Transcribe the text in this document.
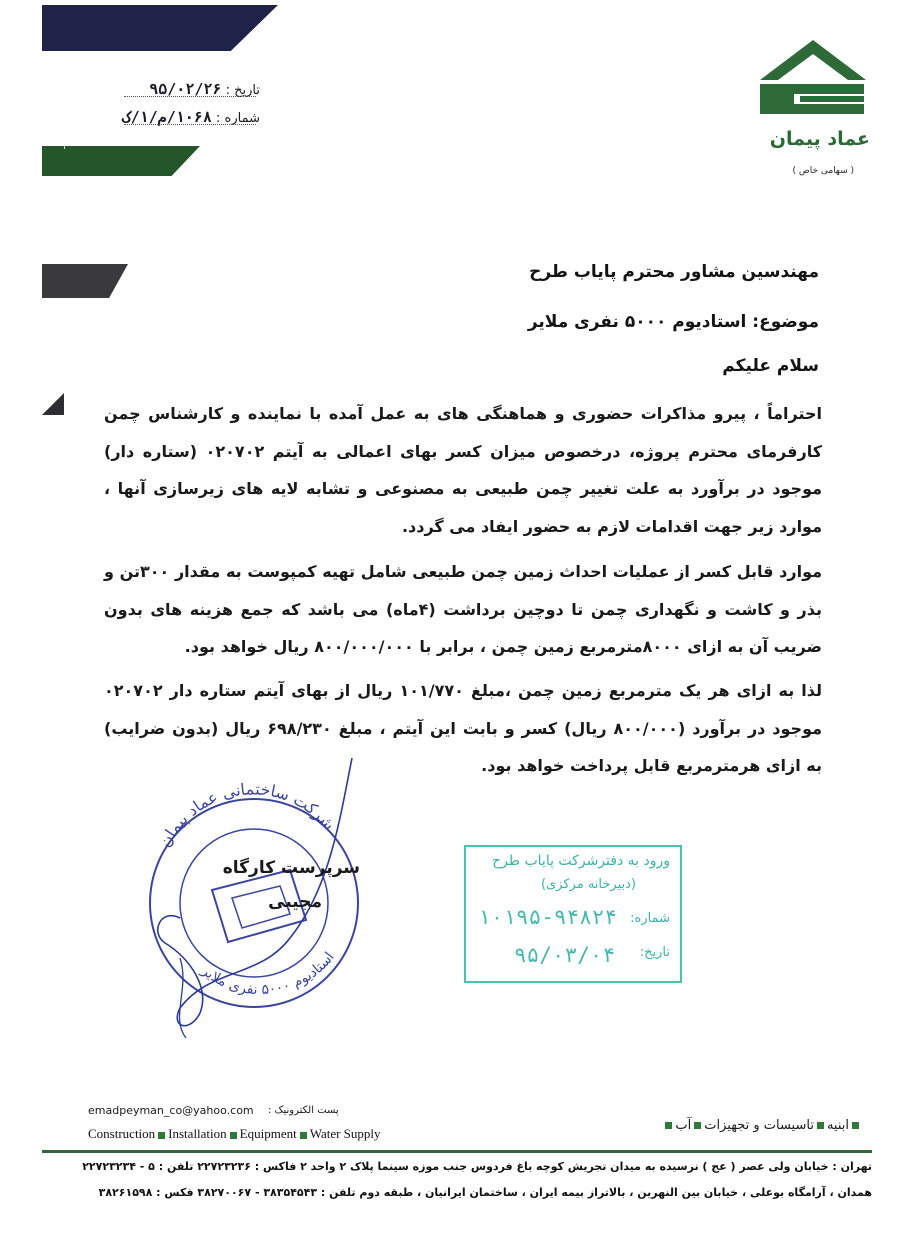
۱
تاریخ : ۹۵/۰۲/۲۶
شماره : ۱۰۶۸/م/۱/ک
عماد پیمان
( سهامی خاص )
مهندسین مشاور محترم پایاب طرح
موضوع: استادیوم ۵۰۰۰ نفری ملایر
سلام علیکم
احتراماً ، پیرو مذاکرات حضوری و هماهنگی های به عمل آمده با نماینده و کارشناس چمن کارفرمای محترم پروژه، درخصوص میزان کسر بهای اعمالی به آیتم ۰۲۰۷۰۲ (ستاره دار) موجود در برآورد به علت تغییر چمن طبیعی به مصنوعی و تشابه لایه های زیرسازی آنها ، موارد زیر جهت اقدامات لازم به حضور ایفاد می گردد.
موارد قابل کسر از عملیات احداث زمین چمن طبیعی شامل تهیه کمپوست به مقدار ۳۰۰تن و بذر و کاشت و نگهداری چمن تا دوچین برداشت (۴ماه) می باشد که جمع هزینه های بدون ضریب آن به ازای ۸۰۰۰مترمربع زمین چمن ، برابر با ۸۰۰/۰۰۰/۰۰۰ ریال خواهد بود.
لذا به ازای هر یک مترمربع زمین چمن ،مبلغ ۱۰۱/۷۷۰ ریال از بهای آیتم ستاره دار ۰۲۰۷۰۲ موجود در برآورد (۸۰۰/۰۰۰ ریال) کسر و بابت این آیتم ، مبلغ ۶۹۸/۲۳۰ ریال (بدون ضرایب) به ازای هرمترمربع قابل پرداخت خواهد بود.
شرکت ساختمانی عماد پیمان
استادیوم ۵۰۰۰ نفری ملایر
سرپرست کارگاه
مجیبی
ورود به دفترشرکت پایاب طرح
(دبیرخانه مرکزی)
شماره:
۱۰۱۹۵-۹۴۸۲۴
تاریخ:
۹۵/۰۳/۰۴
emadpeyman_co@yahoo.com پست الکترونیک :
Construction Installation Equipment Water Supply
ابنیهتاسیسات و تجهیزاتآب
تهران : خیابان ولی عصر ( عج ) نرسیده به میدان تجریش کوچه باغ فردوس جنب موزه سینما پلاک ۲ واحد ۲ فاکس : ۲۲۷۲۳۲۳۶ تلفن : ۵ - ۲۲۷۲۳۲۳۴
همدان ، آرامگاه بوعلی ، خیابان بین النهرین ، بالاتراز بیمه ایران ، ساختمان ایرانیان ، طبقه دوم تلفن : ۳۸۳۵۴۵۴۳ - ۳۸۲۷۰۰۶۷ فکس : ۳۸۲۶۱۵۹۸
